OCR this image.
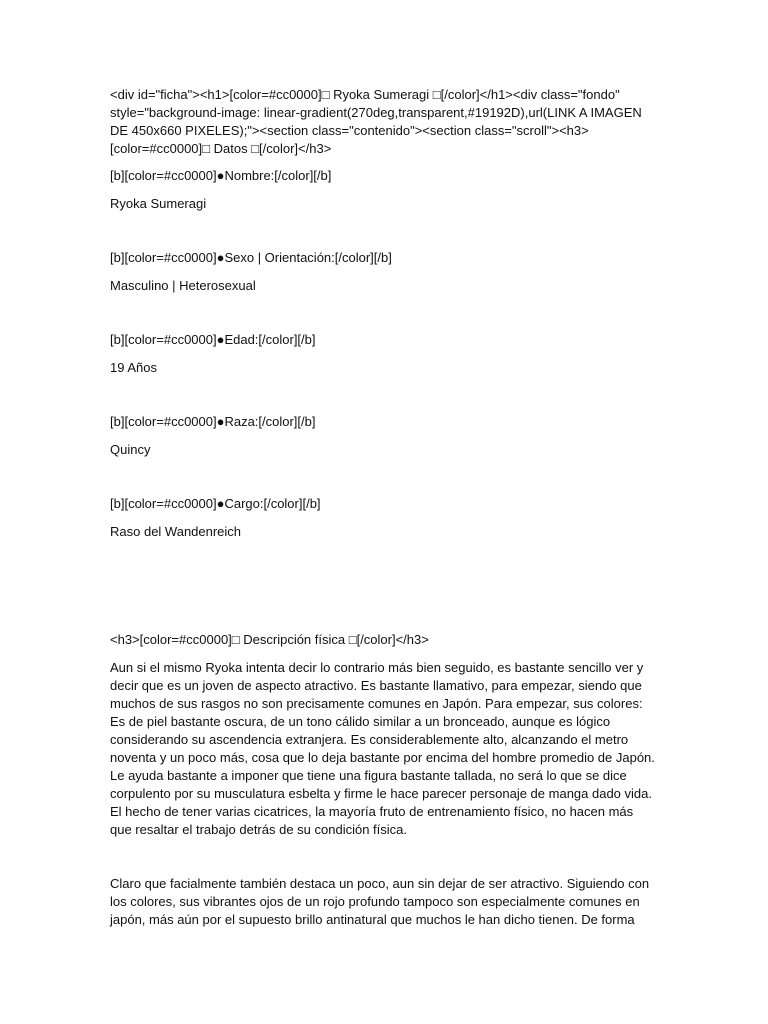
<div id="ficha"><h1>[color=#cc0000]□ Ryoka Sumeragi □[/color]</h1><div class="fondo" style="background-image: linear-gradient(270deg,transparent,#19192D),url(LINK A IMAGEN DE 450x660 PIXELES);"><section class="contenido"><section class="scroll"><h3>[color=#cc0000]□ Datos □[/color]</h3>

[b][color=#cc0000]●Nombre:[/color][/b]

Ryoka Sumeragi

[b][color=#cc0000]●Sexo | Orientación:[/color][/b]

Masculino | Heterosexual

[b][color=#cc0000]●Edad:[/color][/b]

19 Años

[b][color=#cc0000]●Raza:[/color][/b]

Quincy

[b][color=#cc0000]●Cargo:[/color][/b]

Raso del Wandenreich

<h3>[color=#cc0000]□ Descripción física □[/color]</h3>

Aun si el mismo Ryoka intenta decir lo contrario más bien seguido, es bastante sencillo ver y decir que es un joven de aspecto atractivo. Es bastante llamativo, para empezar, siendo que muchos de sus rasgos no son precisamente comunes en Japón. Para empezar, sus colores: Es de piel bastante oscura, de un tono cálido similar a un bronceado, aunque es lógico considerando su ascendencia extranjera. Es considerablemente alto, alcanzando el metro noventa y un poco más, cosa que lo deja bastante por encima del hombre promedio de Japón. Le ayuda bastante a imponer que tiene una figura bastante tallada, no será lo que se dice corpulento por su musculatura esbelta y firme le hace parecer personaje de manga dado vida. El hecho de tener varias cicatrices, la mayoría fruto de entrenamiento físico, no hacen más que resaltar el trabajo detrás de su condición física.

Claro que facialmente también destaca un poco, aun sin dejar de ser atractivo. Siguiendo con los colores, sus vibrantes ojos de un rojo profundo tampoco son especialmente comunes en japón, más aún por el supuesto brillo antinatural que muchos le han dicho tienen. De forma
